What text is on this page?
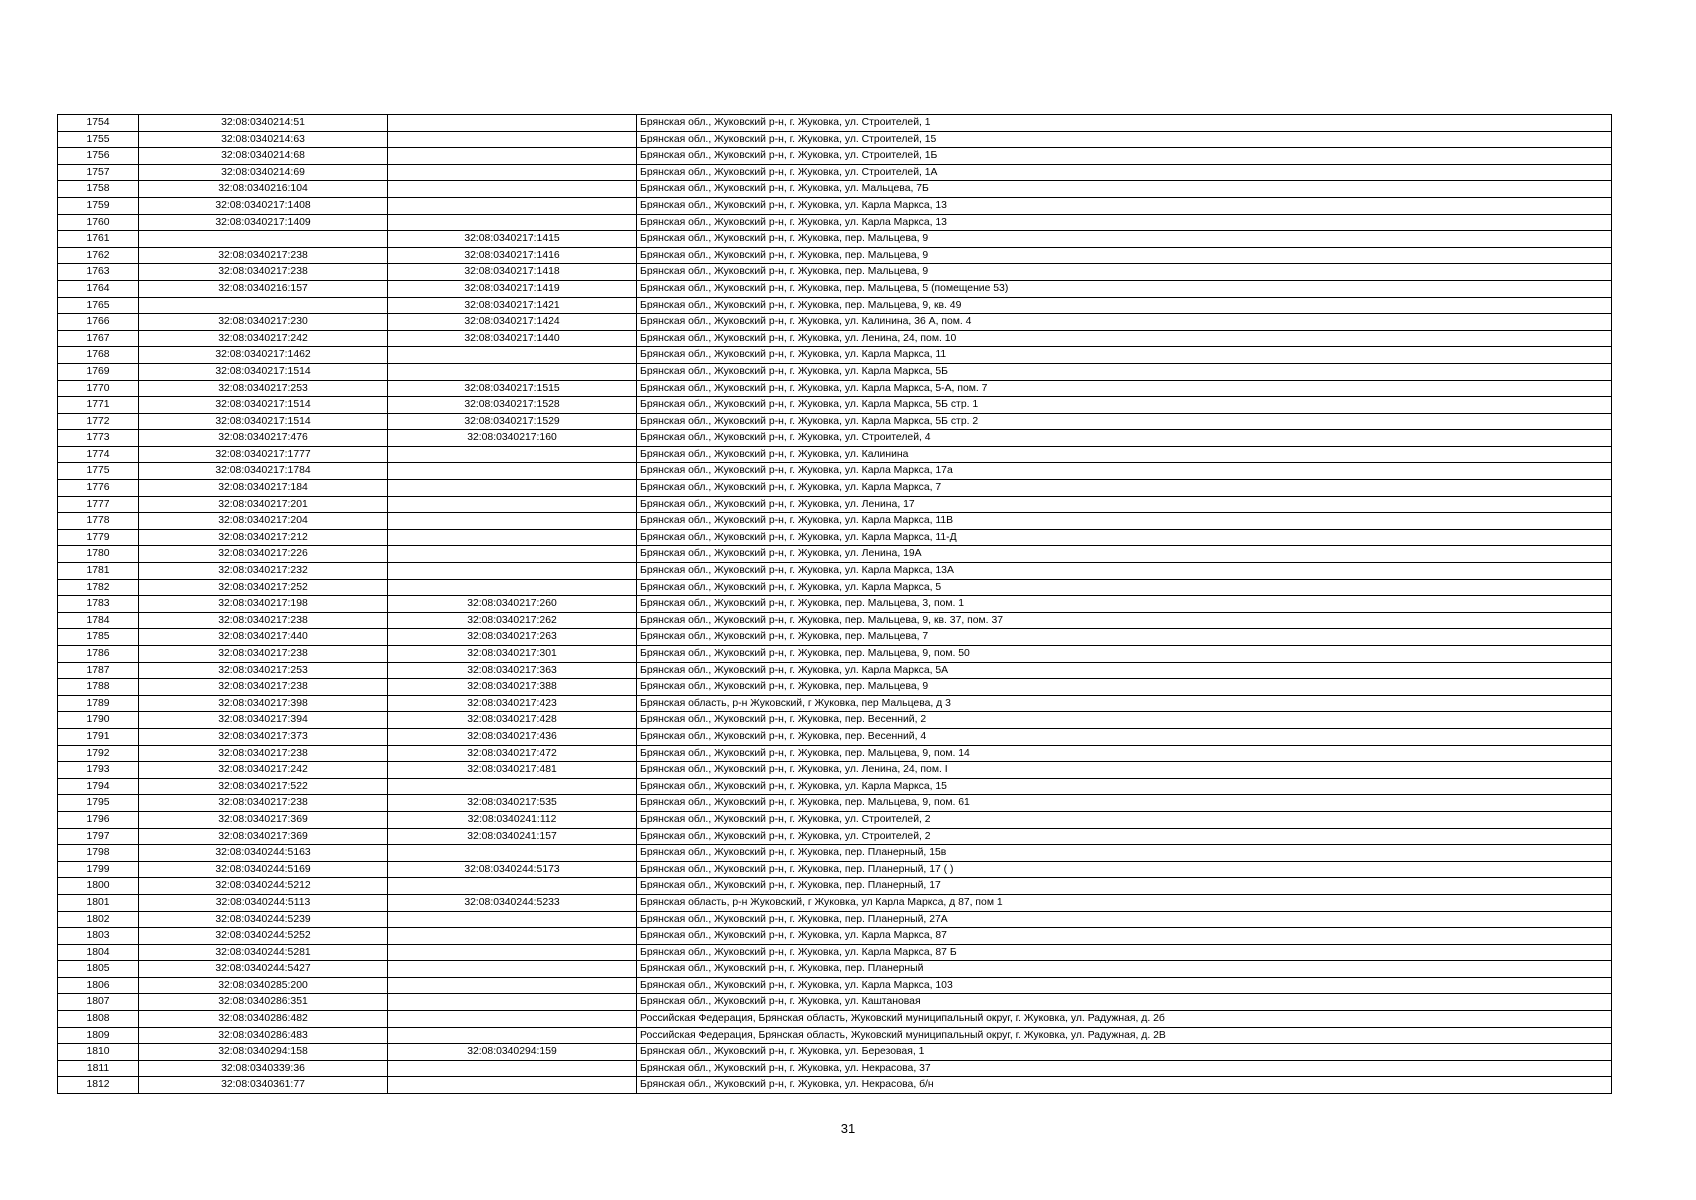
1754	32:08:0340214:51		Брянская обл., Жуковский р-н, г. Жуковка, ул. Строителей, 1
1755	32:08:0340214:63		Брянская обл., Жуковский р-н, г. Жуковка, ул. Строителей, 15
1756	32:08:0340214:68		Брянская обл., Жуковский р-н, г. Жуковка, ул. Строителей, 1Б
1757	32:08:0340214:69		Брянская обл., Жуковский р-н, г. Жуковка, ул. Строителей, 1А
1758	32:08:0340216:104		Брянская обл., Жуковский р-н, г. Жуковка, ул. Мальцева, 7Б
1759	32:08:0340217:1408		Брянская обл., Жуковский р-н, г. Жуковка, ул. Карла Маркса, 13
1760	32:08:0340217:1409		Брянская обл., Жуковский р-н, г. Жуковка, ул. Карла Маркса, 13
1761		32:08:0340217:1415	Брянская обл., Жуковский р-н, г. Жуковка, пер. Мальцева, 9
1762	32:08:0340217:238	32:08:0340217:1416	Брянская обл., Жуковский р-н, г. Жуковка, пер. Мальцева, 9
1763	32:08:0340217:238	32:08:0340217:1418	Брянская обл., Жуковский р-н, г. Жуковка, пер. Мальцева, 9
1764	32:08:0340216:157	32:08:0340217:1419	Брянская обл., Жуковский р-н, г. Жуковка, пер. Мальцева, 5 (помещение 53)
1765		32:08:0340217:1421	Брянская обл., Жуковский р-н, г. Жуковка, пер. Мальцева, 9, кв. 49
1766	32:08:0340217:230	32:08:0340217:1424	Брянская обл., Жуковский р-н, г. Жуковка, ул. Калинина, 36 А, пом. 4
1767	32:08:0340217:242	32:08:0340217:1440	Брянская обл., Жуковский р-н, г. Жуковка, ул. Ленина, 24, пом. 10
1768	32:08:0340217:1462		Брянская обл., Жуковский р-н, г. Жуковка, ул. Карла Маркса, 11
1769	32:08:0340217:1514		Брянская обл., Жуковский р-н, г. Жуковка, ул. Карла Маркса, 5Б
1770	32:08:0340217:253	32:08:0340217:1515	Брянская обл., Жуковский р-н, г. Жуковка, ул. Карла Маркса, 5-А, пом. 7
1771	32:08:0340217:1514	32:08:0340217:1528	Брянская обл., Жуковский р-н, г. Жуковка, ул. Карла Маркса, 5Б стр. 1
1772	32:08:0340217:1514	32:08:0340217:1529	Брянская обл., Жуковский р-н, г. Жуковка, ул. Карла Маркса, 5Б стр. 2
1773	32:08:0340217:476	32:08:0340217:160	Брянская обл., Жуковский р-н, г. Жуковка, ул. Строителей, 4
1774	32:08:0340217:1777		Брянская обл., Жуковский р-н, г. Жуковка, ул. Калинина
1775	32:08:0340217:1784		Брянская обл., Жуковский р-н, г. Жуковка, ул. Карла Маркса, 17а
1776	32:08:0340217:184		Брянская обл., Жуковский р-н, г. Жуковка, ул. Карла Маркса, 7
1777	32:08:0340217:201		Брянская обл., Жуковский р-н, г. Жуковка, ул. Ленина, 17
1778	32:08:0340217:204		Брянская обл., Жуковский р-н, г. Жуковка, ул. Карла Маркса, 11В
1779	32:08:0340217:212		Брянская обл., Жуковский р-н, г. Жуковка, ул. Карла Маркса, 11-Д
1780	32:08:0340217:226		Брянская обл., Жуковский р-н, г. Жуковка, ул. Ленина, 19А
1781	32:08:0340217:232		Брянская обл., Жуковский р-н, г. Жуковка, ул. Карла Маркса, 13А
1782	32:08:0340217:252		Брянская обл., Жуковский р-н, г. Жуковка, ул. Карла Маркса, 5
1783	32:08:0340217:198	32:08:0340217:260	Брянская обл., Жуковский р-н, г. Жуковка, пер. Мальцева, 3, пом. 1
1784	32:08:0340217:238	32:08:0340217:262	Брянская обл., Жуковский р-н, г. Жуковка, пер. Мальцева, 9, кв. 37, пом. 37
1785	32:08:0340217:440	32:08:0340217:263	Брянская обл., Жуковский р-н, г. Жуковка, пер. Мальцева, 7
1786	32:08:0340217:238	32:08:0340217:301	Брянская обл., Жуковский р-н, г. Жуковка, пер. Мальцева, 9, пом. 50
1787	32:08:0340217:253	32:08:0340217:363	Брянская обл., Жуковский р-н, г. Жуковка, ул. Карла Маркса, 5А
1788	32:08:0340217:238	32:08:0340217:388	Брянская обл., Жуковский р-н, г. Жуковка, пер. Мальцева, 9
1789	32:08:0340217:398	32:08:0340217:423	Брянская область, р-н Жуковский, г Жуковка, пер Мальцева, д 3
1790	32:08:0340217:394	32:08:0340217:428	Брянская обл., Жуковский р-н, г. Жуковка, пер. Весенний, 2
1791	32:08:0340217:373	32:08:0340217:436	Брянская обл., Жуковский р-н, г. Жуковка, пер. Весенний, 4
1792	32:08:0340217:238	32:08:0340217:472	Брянская обл., Жуковский р-н, г. Жуковка, пер. Мальцева, 9, пом. 14
1793	32:08:0340217:242	32:08:0340217:481	Брянская обл., Жуковский р-н, г. Жуковка, ул. Ленина, 24, пом. I
1794	32:08:0340217:522		Брянская обл., Жуковский р-н, г. Жуковка, ул. Карла Маркса, 15
1795	32:08:0340217:238	32:08:0340217:535	Брянская обл., Жуковский р-н, г. Жуковка, пер. Мальцева, 9, пом. 61
1796	32:08:0340217:369	32:08:0340241:112	Брянская обл., Жуковский р-н, г. Жуковка, ул. Строителей, 2
1797	32:08:0340217:369	32:08:0340241:157	Брянская обл., Жуковский р-н, г. Жуковка, ул. Строителей, 2
1798	32:08:0340244:5163		Брянская обл., Жуковский р-н, г. Жуковка, пер. Планерный, 15в
1799	32:08:0340244:5169	32:08:0340244:5173	Брянская обл., Жуковский р-н, г. Жуковка, пер. Планерный, 17 ( )
1800	32:08:0340244:5212		Брянская обл., Жуковский р-н, г. Жуковка, пер. Планерный, 17
1801	32:08:0340244:5113	32:08:0340244:5233	Брянская область, р-н Жуковский, г Жуковка, ул Карла Маркса, д 87, пом 1
1802	32:08:0340244:5239		Брянская обл., Жуковский р-н, г. Жуковка, пер. Планерный, 27А
1803	32:08:0340244:5252		Брянская обл., Жуковский р-н, г. Жуковка, ул. Карла Маркса, 87
1804	32:08:0340244:5281		Брянская обл., Жуковский р-н, г. Жуковка, ул. Карла Маркса, 87 Б
1805	32:08:0340244:5427		Брянская обл., Жуковский р-н, г. Жуковка, пер. Планерный
1806	32:08:0340285:200		Брянская обл., Жуковский р-н, г. Жуковка, ул. Карла Маркса, 103
1807	32:08:0340286:351		Брянская обл., Жуковский р-н, г. Жуковка, ул. Каштановая
1808	32:08:0340286:482		Российская Федерация, Брянская область, Жуковский муниципальный округ, г. Жуковка, ул. Радужная, д. 2б
1809	32:08:0340286:483		Российская Федерация, Брянская область, Жуковский муниципальный округ, г. Жуковка, ул. Радужная, д. 2В
1810	32:08:0340294:158	32:08:0340294:159	Брянская обл., Жуковский р-н, г. Жуковка, ул. Березовая, 1
1811	32:08:0340339:36		Брянская обл., Жуковский р-н, г. Жуковка, ул. Некрасова, 37
1812	32:08:0340361:77		Брянская обл., Жуковский р-н, г. Жуковка, ул. Некрасова, б/н
31
